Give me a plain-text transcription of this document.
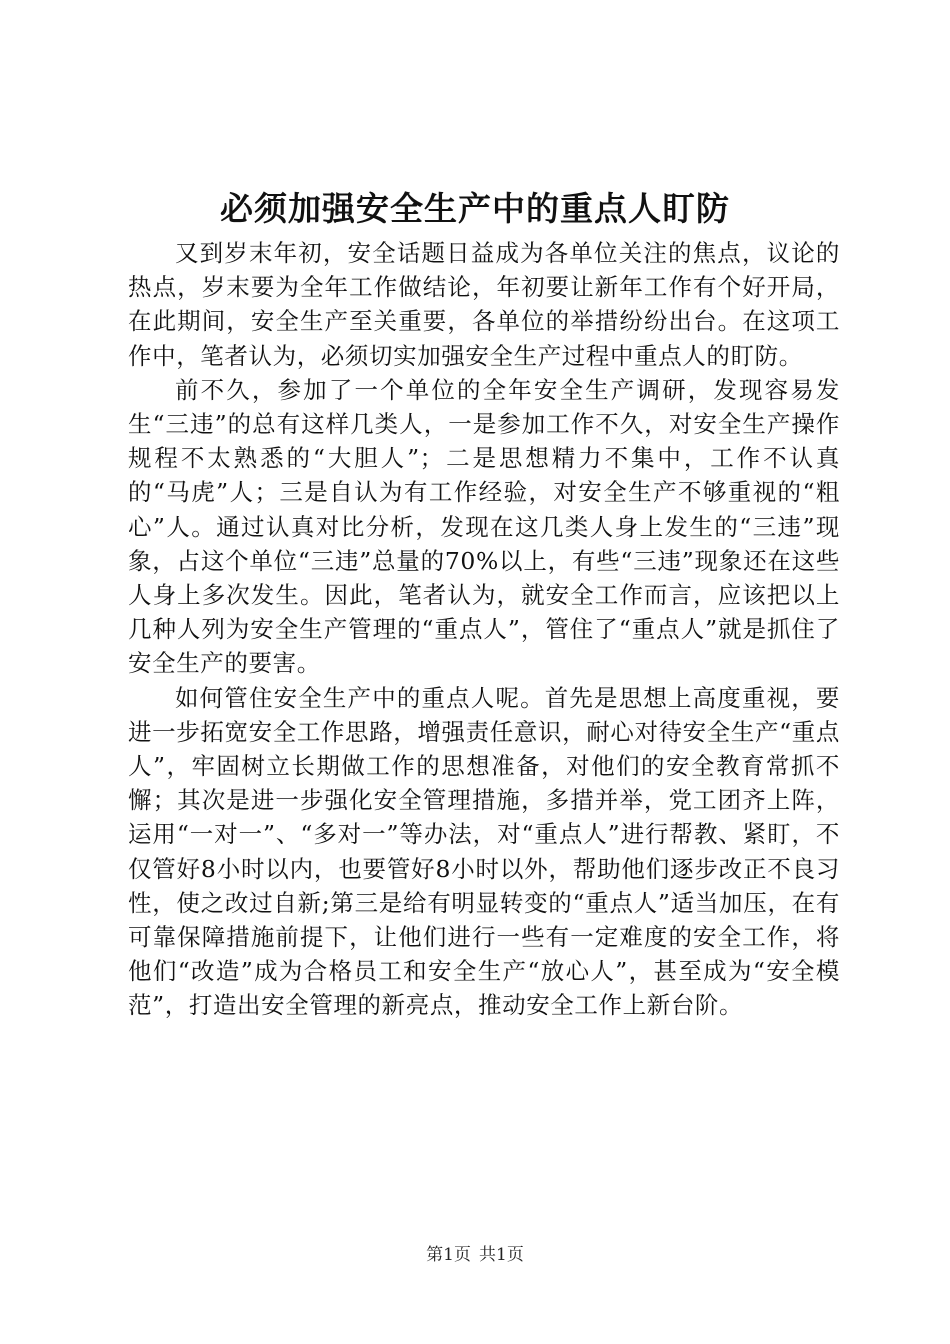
必须加强安全生产中的重点人盯防

又到岁末年初，安全话题日益成为各单位关注的焦点，议论的热点，岁末要为全年工作做结论，年初要让新年工作有个好开局，在此期间，安全生产至关重要，各单位的举措纷纷出台。在这项工作中，笔者认为，必须切实加强安全生产过程中重点人的盯防。

前不久，参加了一个单位的全年安全生产调研，发现容易发生“三违”的总有这样几类人，一是参加工作不久，对安全生产操作规程不太熟悉的“大胆人”；二是思想精力不集中，工作不认真的“马虎”人；三是自认为有工作经验，对安全生产不够重视的“粗心”人。通过认真对比分析，发现在这几类人身上发生的“三违”现象，占这个单位“三违”总量的70%以上，有些“三违”现象还在这些人身上多次发生。因此，笔者认为，就安全工作而言，应该把以上几种人列为安全生产管理的“重点人”，管住了“重点人”就是抓住了安全生产的要害。

如何管住安全生产中的重点人呢。首先是思想上高度重视，要进一步拓宽安全工作思路，增强责任意识，耐心对待安全生产“重点人”，牢固树立长期做工作的思想准备，对他们的安全教育常抓不懈；其次是进一步强化安全管理措施，多措并举，党工团齐上阵，运用“一对一”、“多对一”等办法，对“重点人”进行帮教、紧盯，不仅管好8小时以内，也要管好8小时以外，帮助他们逐步改正不良习性，使之改过自新;第三是给有明显转变的“重点人”适当加压，在有可靠保障措施前提下，让他们进行一些有一定难度的安全工作，将他们“改造”成为合格员工和安全生产“放心人”，甚至成为“安全模范”，打造出安全管理的新亮点，推动安全工作上新台阶。

第1页 共1页
